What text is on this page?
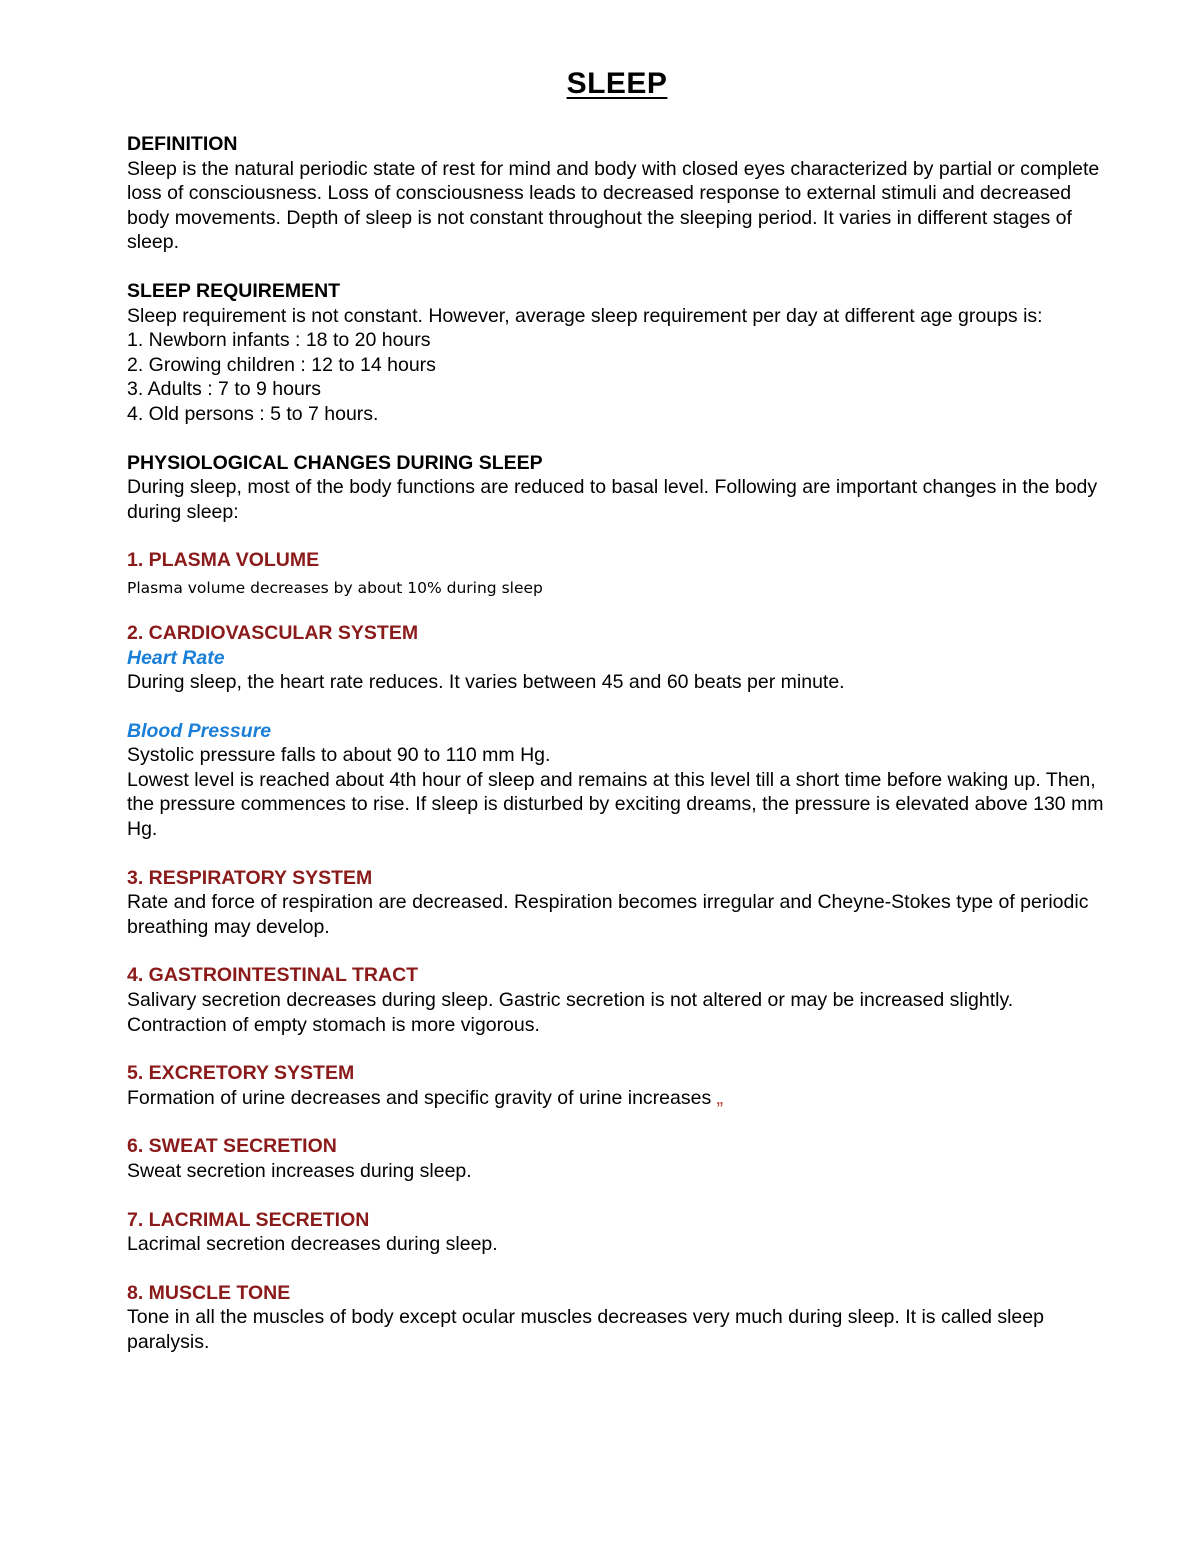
SLEEP
DEFINITION
Sleep is the natural periodic state of rest for mind and body with closed eyes characterized by partial or complete loss of consciousness. Loss of consciousness leads to decreased response to external stimuli and decreased body movements. Depth of sleep is not constant throughout the sleeping period. It varies in different stages of sleep.
SLEEP REQUIREMENT
Sleep requirement is not constant. However, average sleep requirement per day at different age groups is:
1. Newborn infants : 18 to 20 hours
2. Growing children : 12 to 14 hours
3. Adults : 7 to 9 hours
4. Old persons : 5 to 7 hours.
PHYSIOLOGICAL CHANGES DURING SLEEP
During sleep, most of the body functions are reduced to basal level. Following are important changes in the body during sleep:
1. PLASMA VOLUME
Plasma volume decreases by about 10% during sleep
2. CARDIOVASCULAR SYSTEM
Heart Rate
During sleep, the heart rate reduces. It varies between 45 and 60 beats per minute.
Blood Pressure
Systolic pressure falls to about 90 to 110 mm Hg.
Lowest level is reached about 4th hour of sleep and remains at this level till a short time before waking up. Then, the pressure commences to rise. If sleep is disturbed by exciting dreams, the pressure is elevated above 130 mm Hg.
3. RESPIRATORY SYSTEM
Rate and force of respiration are decreased. Respiration becomes irregular and Cheyne-Stokes type of periodic breathing may develop.
4. GASTROINTESTINAL TRACT
Salivary secretion decreases during sleep. Gastric secretion is not altered or may be increased slightly. Contraction of empty stomach is more vigorous.
5. EXCRETORY SYSTEM
Formation of urine decreases and specific gravity of urine increases „
6. SWEAT SECRETION
Sweat secretion increases during sleep.
7. LACRIMAL SECRETION
Lacrimal secretion decreases during sleep.
8. MUSCLE TONE
Tone in all the muscles of body except ocular muscles decreases very much during sleep. It is called sleep paralysis.
